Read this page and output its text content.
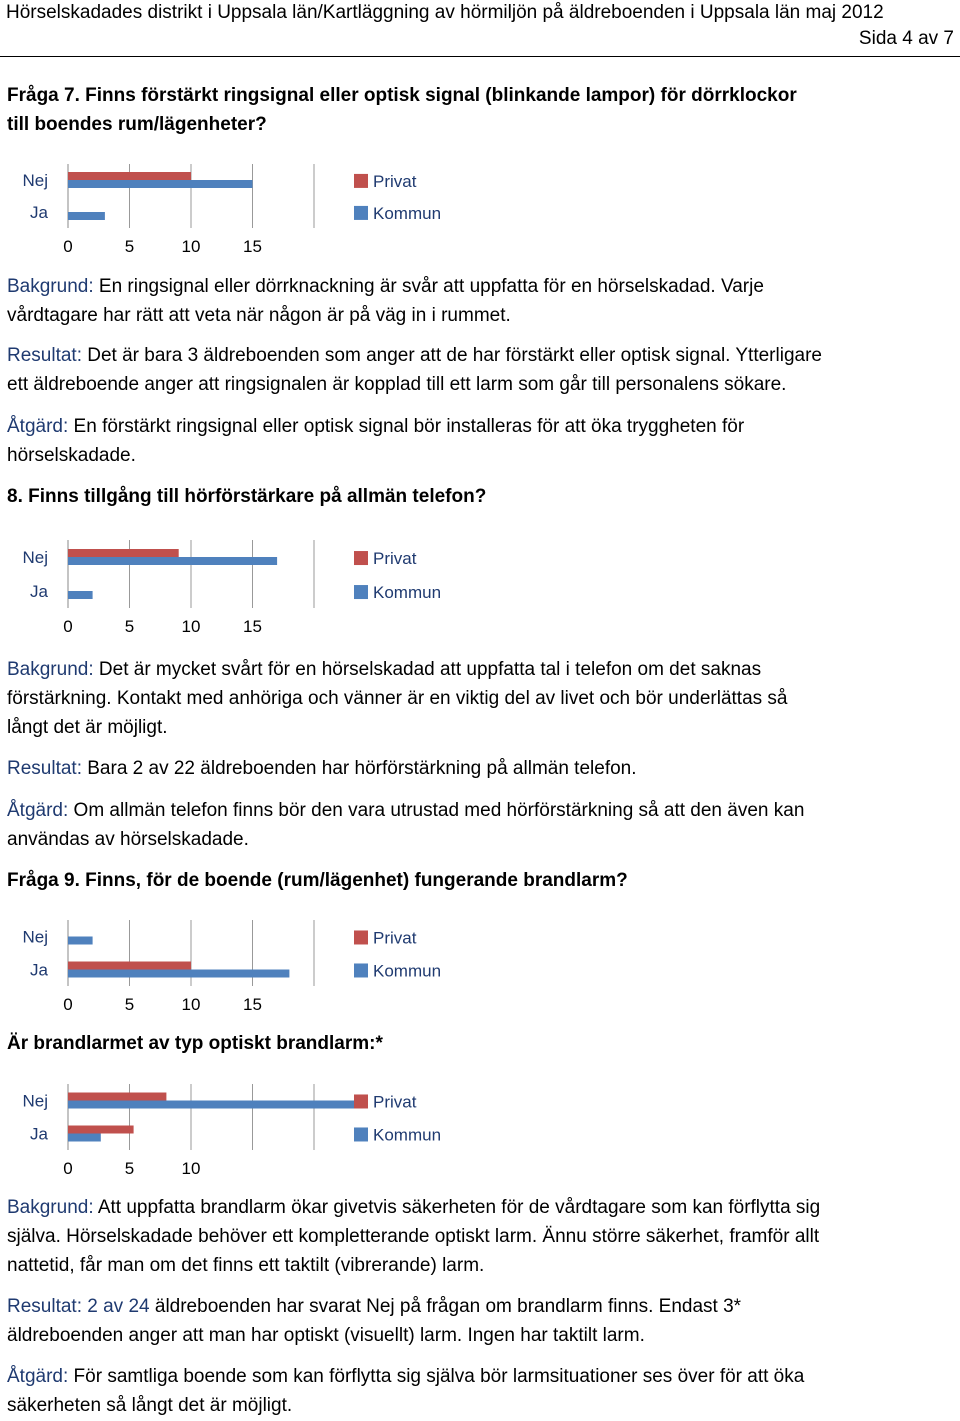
Hörselskadades distrikt i Uppsala län/Kartläggning av hörmiljön på äldreboenden i Uppsala län maj 2012
Sida 4 av 7
Fråga 7. Finns förstärkt ringsignal eller optisk signal (blinkande lampor) för dörrklockor
till boendes rum/lägenheter?
0	5	10	15
Nej
Ja
Privat
Kommun
Bakgrund: En ringsignal eller dörrknackning är svår att uppfatta för en hörselskadad. Varje
vårdtagare har rätt att veta när någon är på väg in i rummet.
Resultat: Det är bara 3 äldreboenden som anger att de har förstärkt eller optisk signal. Ytterligare
ett äldreboende anger att ringsignalen är kopplad till ett larm som går till personalens sökare.
Åtgärd: En förstärkt ringsignal eller optisk signal bör installeras för att öka tryggheten för
hörselskadade.
8. Finns tillgång till hörförstärkare på allmän telefon?
0	5	10	15
Nej
Ja
Privat
Kommun
Bakgrund: Det är mycket svårt för en hörselskadad att uppfatta tal i telefon om det saknas
förstärkning. Kontakt med anhöriga och vänner är en viktig del av livet och bör underlättas så
långt det är möjligt.
Resultat: Bara 2 av 22 äldreboenden har hörförstärkning på allmän telefon.
Åtgärd: Om allmän telefon finns bör den vara utrustad med hörförstärkning så att den även kan
användas av hörselskadade.
Fråga 9. Finns, för de boende (rum/lägenhet) fungerande brandlarm?
0	5	10	15
Nej
Ja
Privat
Kommun
Är brandlarmet av typ optiskt brandlarm:*
0	5	10
Nej
Ja
Privat
Kommun
Bakgrund: Att uppfatta brandlarm ökar givetvis säkerheten för de vårdtagare som kan förflytta sig
själva. Hörselskadade behöver ett kompletterande optiskt larm. Ännu större säkerhet, framför allt
nattetid, får man om det finns ett taktilt (vibrerande) larm.
Resultat: 2 av 24 äldreboenden har svarat Nej på frågan om brandlarm finns. Endast 3*
äldreboenden anger att man har optiskt (visuellt) larm. Ingen har taktilt larm.
Åtgärd: För samtliga boende som kan förflytta sig själva bör larmsituationer ses över för att öka
säkerheten så långt det är möjligt.
